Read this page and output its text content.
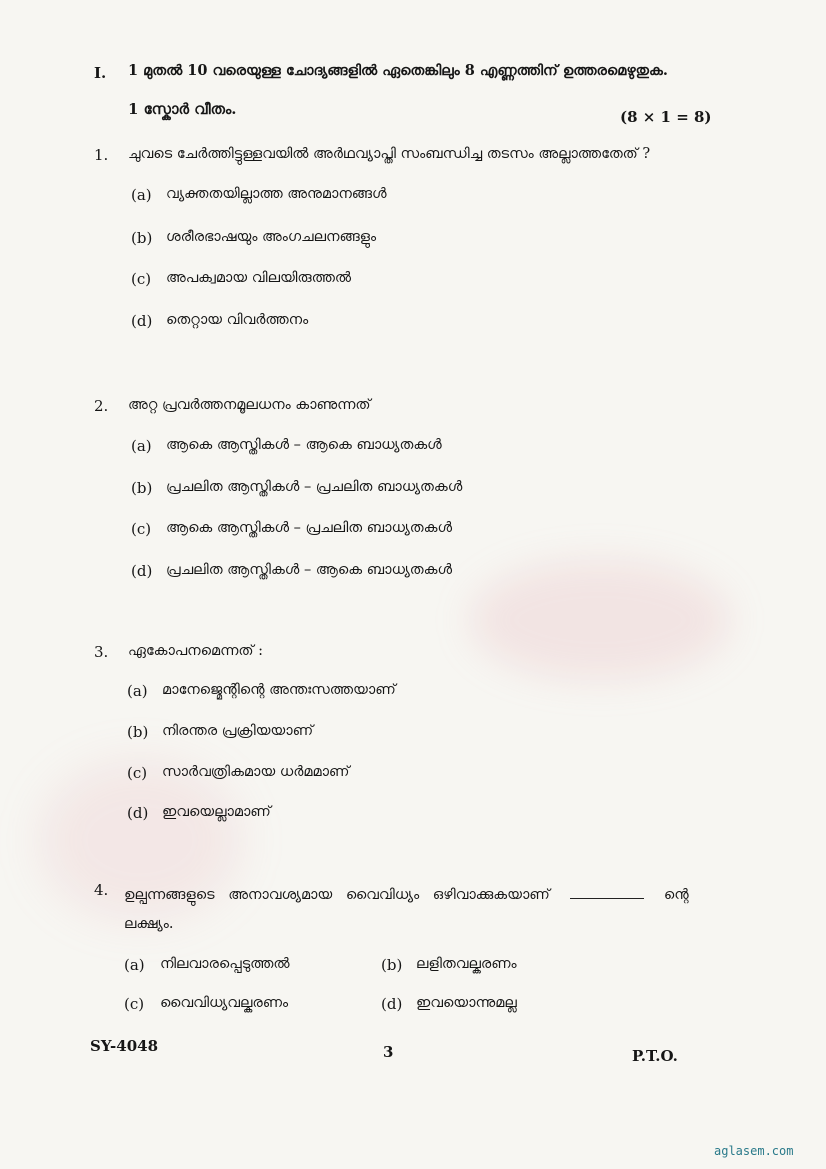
I. 1 മുതൽ 10 വരെയുള്ള ചോദ്യങ്ങളിൽ ഏതെങ്കിലും 8 എണ്ണത്തിന് ഉത്തരമെഴുതുക.
1 സ്കോർ വീതം.	(8 × 1 = 8)
1. ചുവടെ ചേർത്തിട്ടുള്ളവയിൽ അർഥവ്യാപ്തി സംബന്ധിച്ച തടസം അല്ലാത്തതേത് ?
(a) വ്യക്തതയില്ലാത്ത അനുമാനങ്ങൾ
(b) ശരീരഭാഷയും അംഗചലനങ്ങളും
(c) അപക്വമായ വിലയിരുത്തൽ
(d) തെറ്റായ വിവർത്തനം
2. അറ്റ പ്രവർത്തനമൂലധനം കാണുന്നത്
(a) ആകെ ആസ്തികൾ – ആകെ ബാധ്യതകൾ
(b) പ്രചലിത ആസ്തികൾ – പ്രചലിത ബാധ്യതകൾ
(c) ആകെ ആസ്തികൾ – പ്രചലിത ബാധ്യതകൾ
(d) പ്രചലിത ആസ്തികൾ – ആകെ ബാധ്യതകൾ
3. ഏകോപനമെന്നത് :
(a) മാനേജ്മെന്റിന്റെ അന്തഃസത്തയാണ്
(b) നിരന്തര പ്രക്രിയയാണ്
(c) സാർവത്രികമായ ധർമമാണ്
(d) ഇവയെല്ലാമാണ്
4. ഉല്പന്നങ്ങളുടെ അനാവശ്യമായ വൈവിധ്യം ഒഴിവാക്കുകയാണ്	ന്റെ
ലക്ഷ്യം.
(a) നിലവാരപ്പെടുത്തൽ	(b) ലളിതവല്കരണം
(c) വൈവിധ്യവല്കരണം	(d) ഇവയൊന്നുമല്ല
SY-4048	3	P.T.O.
aglasem.com
